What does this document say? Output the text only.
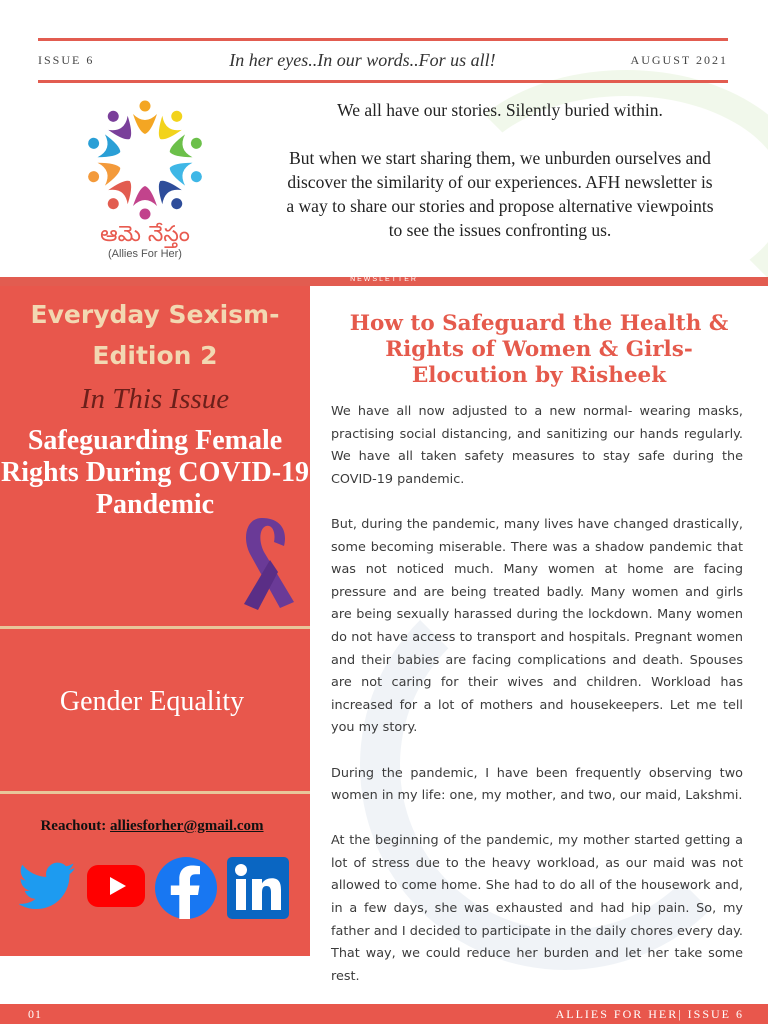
ISSUE 6	In her eyes..In our words..For us all!	AUGUST 2021
ఆమె నేస్తం
(Allies For Her)

We all have our stories. Silently buried within.

But when we start sharing them, we unburden ourselves and discover the similarity of our experiences. AFH newsletter is a way to share our stories and propose alternative viewpoints to see the issues confronting us.

NEWSLETTER
Everyday Sexism- Edition 2
In This Issue
Safeguarding Female Rights During COVID-19 Pandemic
Gender Equality
Reachout: alliesforher@gmail.com
How to Safeguard the Health & Rights of Women & Girls- Elocution by Risheek

We have all now adjusted to a new normal- wearing masks, practising social distancing, and sanitizing our hands regularly. We have all taken safety measures to stay safe during the COVID-19 pandemic.

But, during the pandemic, many lives have changed drastically, some becoming miserable. There was a shadow pandemic that was not noticed much. Many women at home are facing pressure and are being treated badly. Many women and girls are being sexually harassed during the lockdown. Many women do not have access to transport and hospitals. Pregnant women and their babies are facing complications and death. Spouses are not caring for their wives and children. Workload has increased for a lot of mothers and housekeepers. Let me tell you my story.

During the pandemic, I have been frequently observing two women in my life: one, my mother, and two, our maid, Lakshmi.

At the beginning of the pandemic, my mother started getting a lot of stress due to the heavy workload, as our maid was not allowed to come home. She had to do all of the housework and, in a few days, she was exhausted and had hip pain. So, my father and I decided to participate in the daily chores every day. That way, we could reduce her burden and let her take some rest.

01	ALLIES FOR HER| ISSUE 6
